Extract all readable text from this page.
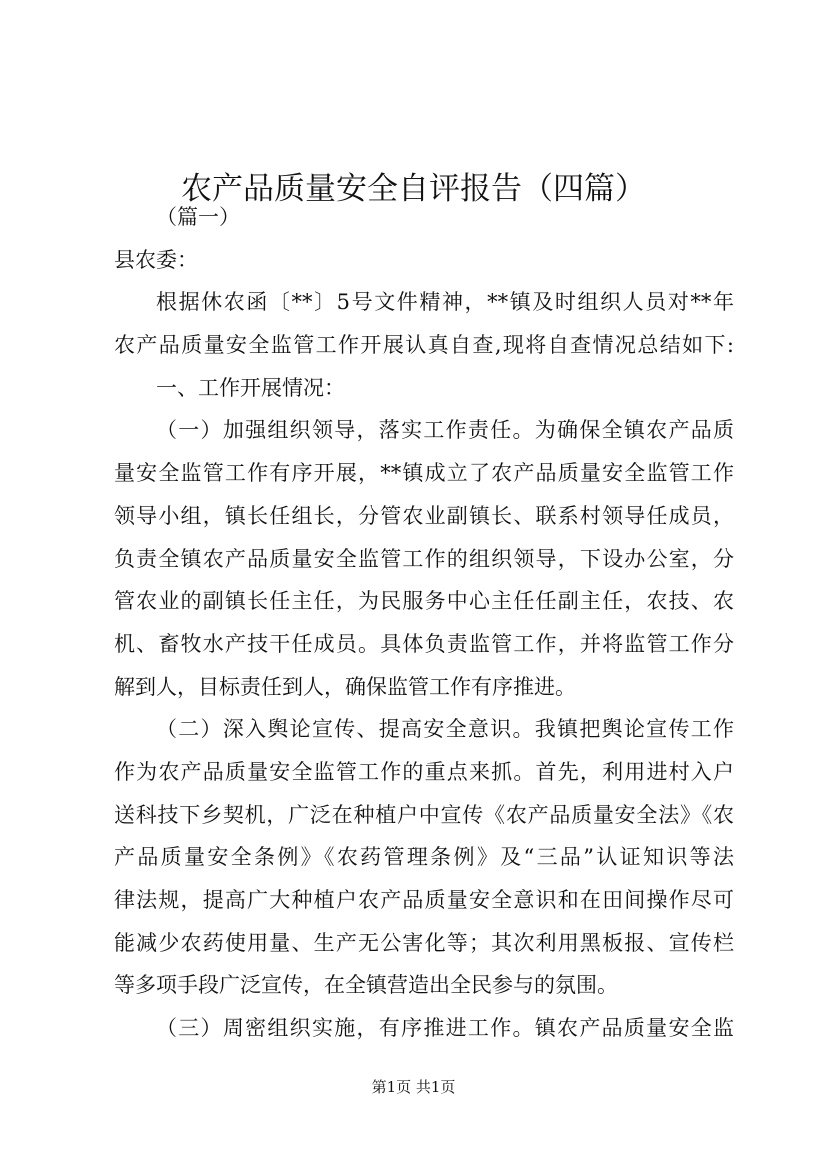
农产品质量安全自评报告（四篇）
（篇一）
县农委：
根据休农函〔**〕5号文件精神，**镇及时组织人员对**年
农产品质量安全监管工作开展认真自查,现将自查情况总结如下:
一、工作开展情况：
（一）加强组织领导，落实工作责任。为确保全镇农产品质
量安全监管工作有序开展，**镇成立了农产品质量安全监管工作
领导小组，镇长任组长，分管农业副镇长、联系村领导任成员，
负责全镇农产品质量安全监管工作的组织领导，下设办公室，分
管农业的副镇长任主任，为民服务中心主任任副主任，农技、农
机、畜牧水产技干任成员。具体负责监管工作，并将监管工作分
解到人，目标责任到人，确保监管工作有序推进。
（二）深入舆论宣传、提高安全意识。我镇把舆论宣传工作
作为农产品质量安全监管工作的重点来抓。首先，利用进村入户
送科技下乡契机，广泛在种植户中宣传《农产品质量安全法》《农
产品质量安全条例》《农药管理条例》及“三品”认证知识等法
律法规，提高广大种植户农产品质量安全意识和在田间操作尽可
能减少农药使用量、生产无公害化等；其次利用黑板报、宣传栏
等多项手段广泛宣传，在全镇营造出全民参与的氛围。
（三）周密组织实施，有序推进工作。镇农产品质量安全监
第1页 共1页
